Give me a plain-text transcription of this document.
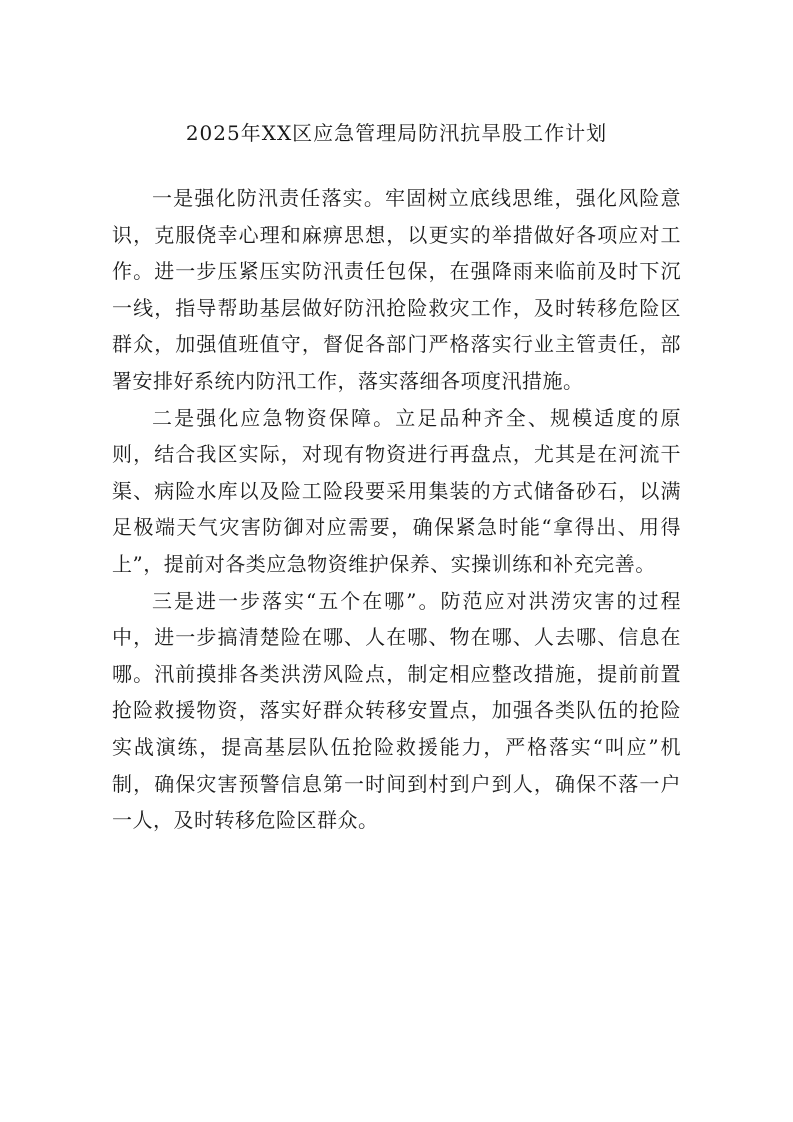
2025年XX区应急管理局防汛抗旱股工作计划

一是强化防汛责任落实。牢固树立底线思维，强化风险意识，克服侥幸心理和麻痹思想，以更实的举措做好各项应对工作。进一步压紧压实防汛责任包保，在强降雨来临前及时下沉一线，指导帮助基层做好防汛抢险救灾工作，及时转移危险区群众，加强值班值守，督促各部门严格落实行业主管责任，部署安排好系统内防汛工作，落实落细各项度汛措施。

二是强化应急物资保障。立足品种齐全、规模适度的原则，结合我区实际，对现有物资进行再盘点，尤其是在河流干渠、病险水库以及险工险段要采用集装的方式储备砂石，以满足极端天气灾害防御对应需要，确保紧急时能“拿得出、用得上”，提前对各类应急物资维护保养、实操训练和补充完善。

三是进一步落实“五个在哪”。防范应对洪涝灾害的过程中，进一步搞清楚险在哪、人在哪、物在哪、人去哪、信息在哪。汛前摸排各类洪涝风险点，制定相应整改措施，提前前置抢险救援物资，落实好群众转移安置点，加强各类队伍的抢险实战演练，提高基层队伍抢险救援能力，严格落实“叫应”机制，确保灾害预警信息第一时间到村到户到人，确保不落一户一人，及时转移危险区群众。
